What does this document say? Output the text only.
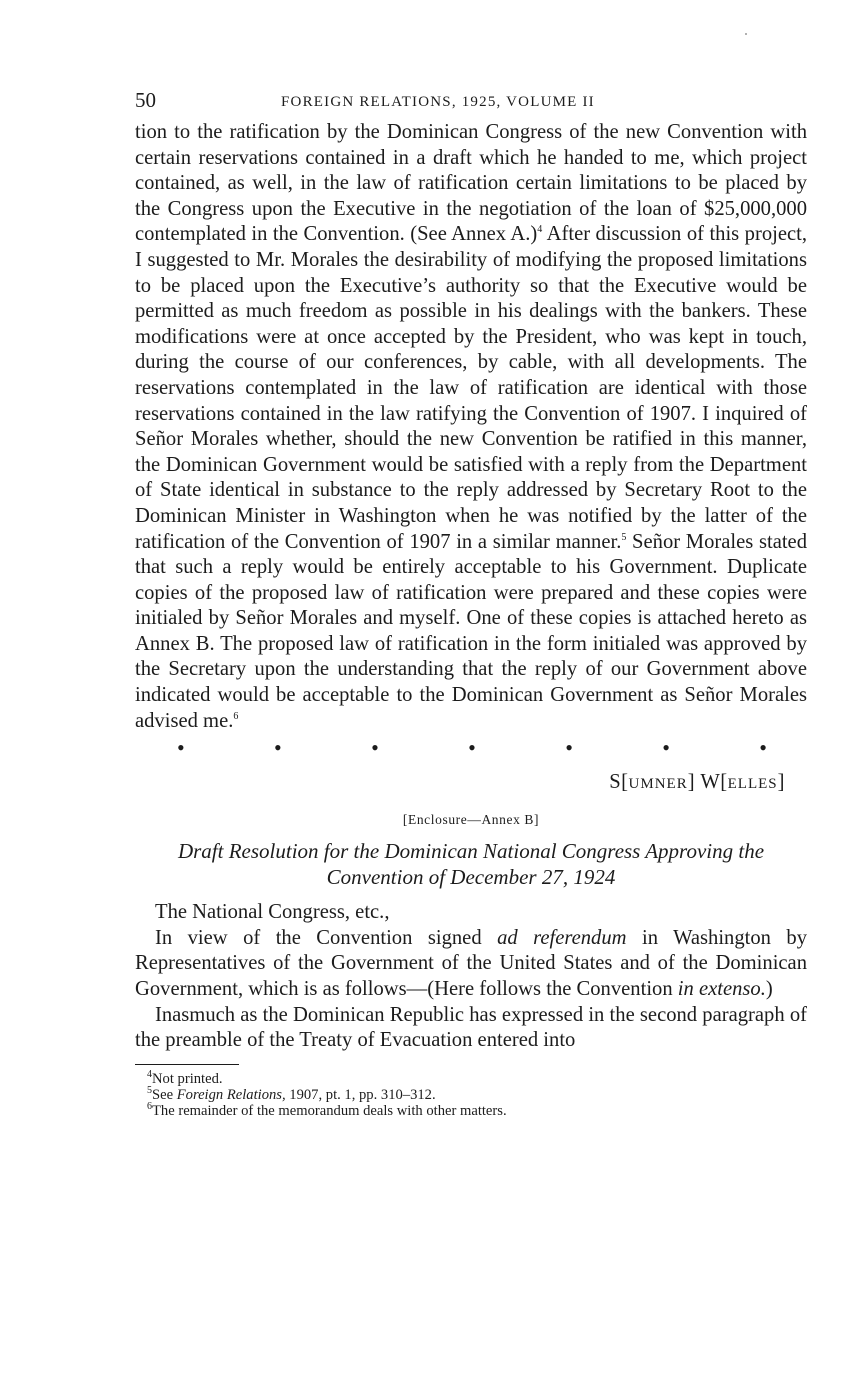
50	FOREIGN RELATIONS, 1925, VOLUME II

tion to the ratification by the Dominican Congress of the new Convention with certain reservations contained in a draft which he handed to me, which project contained, as well, in the law of ratification certain limitations to be placed by the Congress upon the Executive in the negotiation of the loan of $25,000,000 contemplated in the Convention. (See Annex A.)$^4$ After discussion of this project, I suggested to Mr. Morales the desirability of modifying the proposed limitations to be placed upon the Executive’s authority so that the Executive would be permitted as much freedom as possible in his dealings with the bankers. These modifications were at once accepted by the President, who was kept in touch, during the course of our conferences, by cable, with all developments. The reservations contemplated in the law of ratification are identical with those reservations contained in the law ratifying the Convention of 1907. I inquired of Señor Morales whether, should the new Convention be ratified in this manner, the Dominican Government would be satisfied with a reply from the Department of State identical in substance to the reply addressed by Secretary Root to the Dominican Minister in Washington when he was notified by the latter of the ratification of the Convention of 1907 in a similar manner.$^5$ Señor Morales stated that such a reply would be entirely acceptable to his Government. Duplicate copies of the proposed law of ratification were prepared and these copies were initialed by Señor Morales and myself. One of these copies is attached hereto as Annex B. The proposed law of ratification in the form initialed was approved by the Secretary upon the understanding that the reply of our Government above indicated would be acceptable to the Dominican Government as Señor Morales advised me.$^6$

•	•	•	•	•	•	•
S[UMNER] W[ELLES]
[Enclosure—Annex B]
Draft Resolution for the Dominican National Congress Approving the Convention of December 27, 1924

The National Congress, etc.,

In view of the Convention signed ad referendum in Washington by Representatives of the Government of the United States and of the Dominican Government, which is as follows—(Here follows the Convention in extenso.)

Inasmuch as the Dominican Republic has expressed in the second paragraph of the preamble of the Treaty of Evacuation entered into

$^4$Not printed.
$^5$See Foreign Relations, 1907, pt. 1, pp. 310–312.
$^6$The remainder of the memorandum deals with other matters.
